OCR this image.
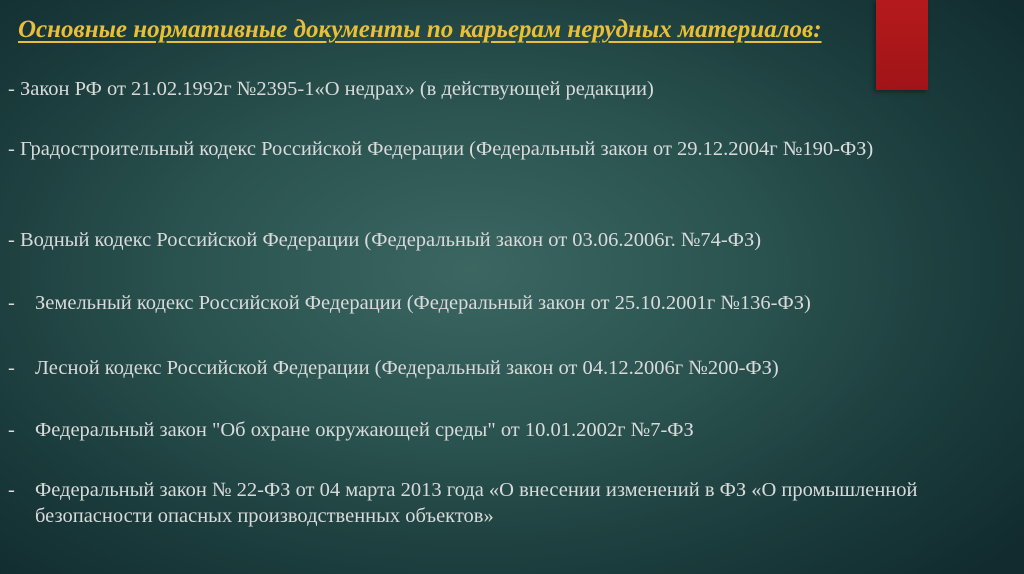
Основные нормативные документы по карьерам нерудных материалов:
- Закон РФ от 21.02.1992г №2395-1«О недрах» (в действующей редакции)
- Градостроительный кодекс Российской Федерации (Федеральный закон от 29.12.2004г №190-ФЗ)
- Водный кодекс Российской Федерации (Федеральный закон от 03.06.2006г. №74-ФЗ)
- Земельный кодекс Российской Федерации (Федеральный закон от 25.10.2001г №136-ФЗ)
- Лесной кодекс Российской Федерации (Федеральный закон от 04.12.2006г №200-ФЗ)
- Федеральный закон "Об охране окружающей среды" от 10.01.2002г №7-ФЗ
- Федеральный закон № 22-ФЗ от 04 марта 2013 года «О внесении изменений в ФЗ «О промышленной безопасности опасных производственных объектов»
